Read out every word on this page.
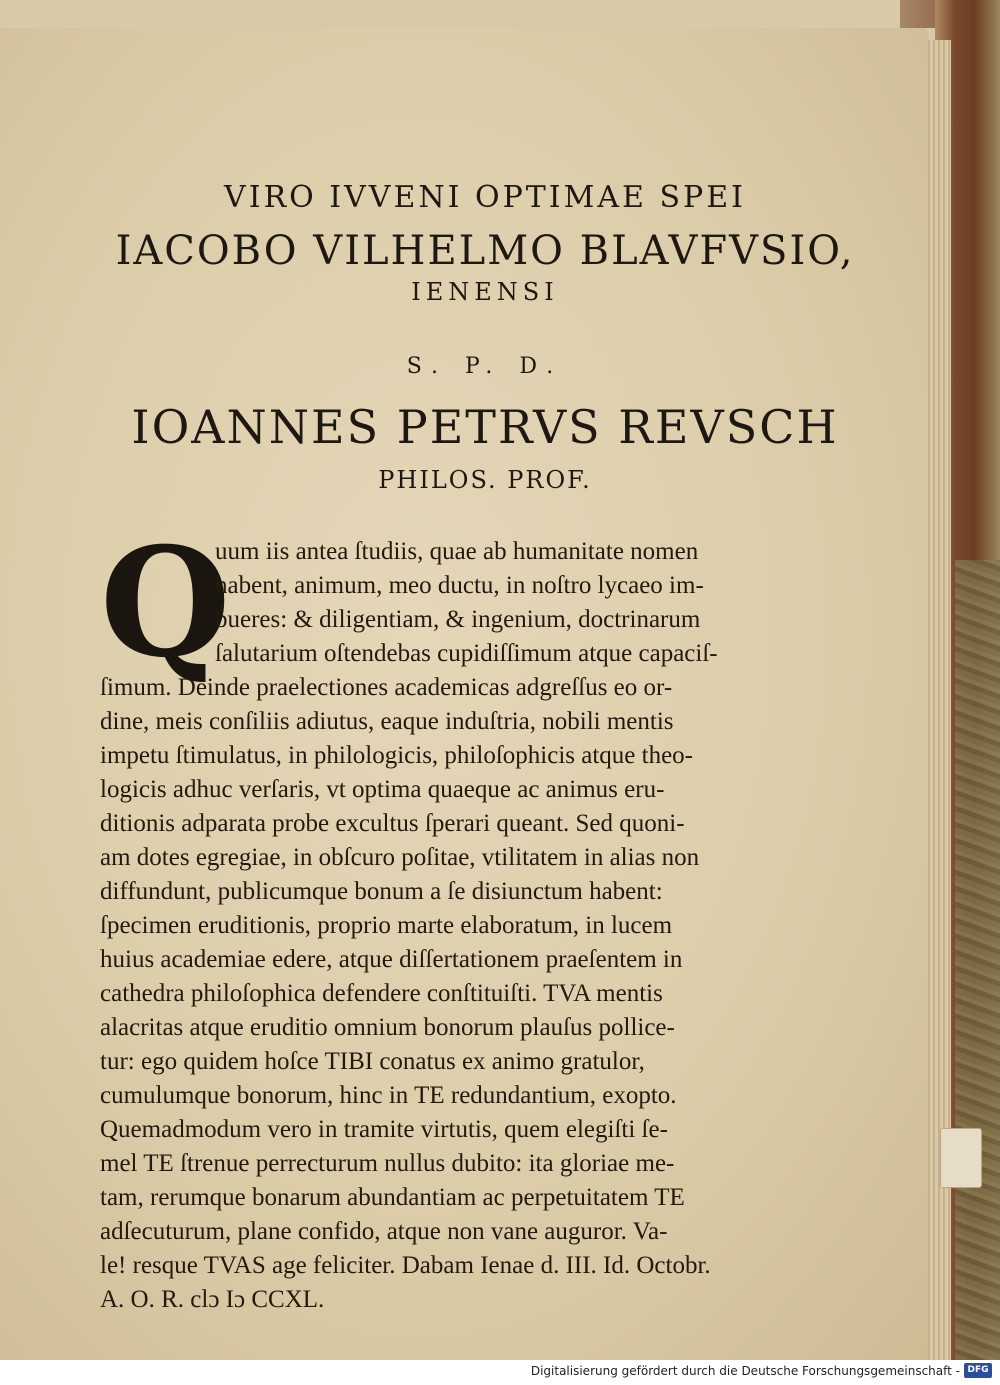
VIRO IVVENI OPTIMAE SPEI
IACOBO VILHELMO BLAVFVSIO,
IENENSI
S. P. D.
IOANNES PETRVS REVSCH
PHILOS. PROF.
Q
uum iis antea ſtudiis, quae ab humanitate nomen
habent, animum, meo ductu, in noſtro lycaeo im-
bueres: & diligentiam, & ingenium, doctrinarum
ſalutarium oſtendebas cupidiſſimum atque capaciſ-
ſimum. Deinde praelectiones academicas adgreſſus eo or-
dine, meis conſiliis adiutus, eaque induſtria, nobili mentis
impetu ſtimulatus, in philologicis, philoſophicis atque theo-
logicis adhuc verſaris, vt optima quaeque ac animus eru-
ditionis adparata probe excultus ſperari queant. Sed quoni-
am dotes egregiae, in obſcuro poſitae, vtilitatem in alias non
diffundunt, publicumque bonum a ſe disiunctum habent:
ſpecimen eruditionis, proprio marte elaboratum, in lucem
huius academiae edere, atque diſſertationem praeſentem in
cathedra philoſophica defendere conſtituiſti. TVA mentis
alacritas atque eruditio omnium bonorum plauſus pollice-
tur: ego quidem hoſce TIBI conatus ex animo gratulor,
cumulumque bonorum, hinc in TE redundantium, exopto.
Quemadmodum vero in tramite virtutis, quem elegiſti ſe-
mel TE ſtrenue perrecturum nullus dubito: ita gloriae me-
tam, rerumque bonarum abundantiam ac perpetuitatem TE
adſecuturum, plane confido, atque non vane auguror. Va-
le! resque TVAS age feliciter. Dabam Ienae d. III. Id. Octobr.
A. O. R. clɔ Iɔ CCXL.
Digitalisierung gefördert durch die Deutsche Forschungsgemeinschaft - DFG
